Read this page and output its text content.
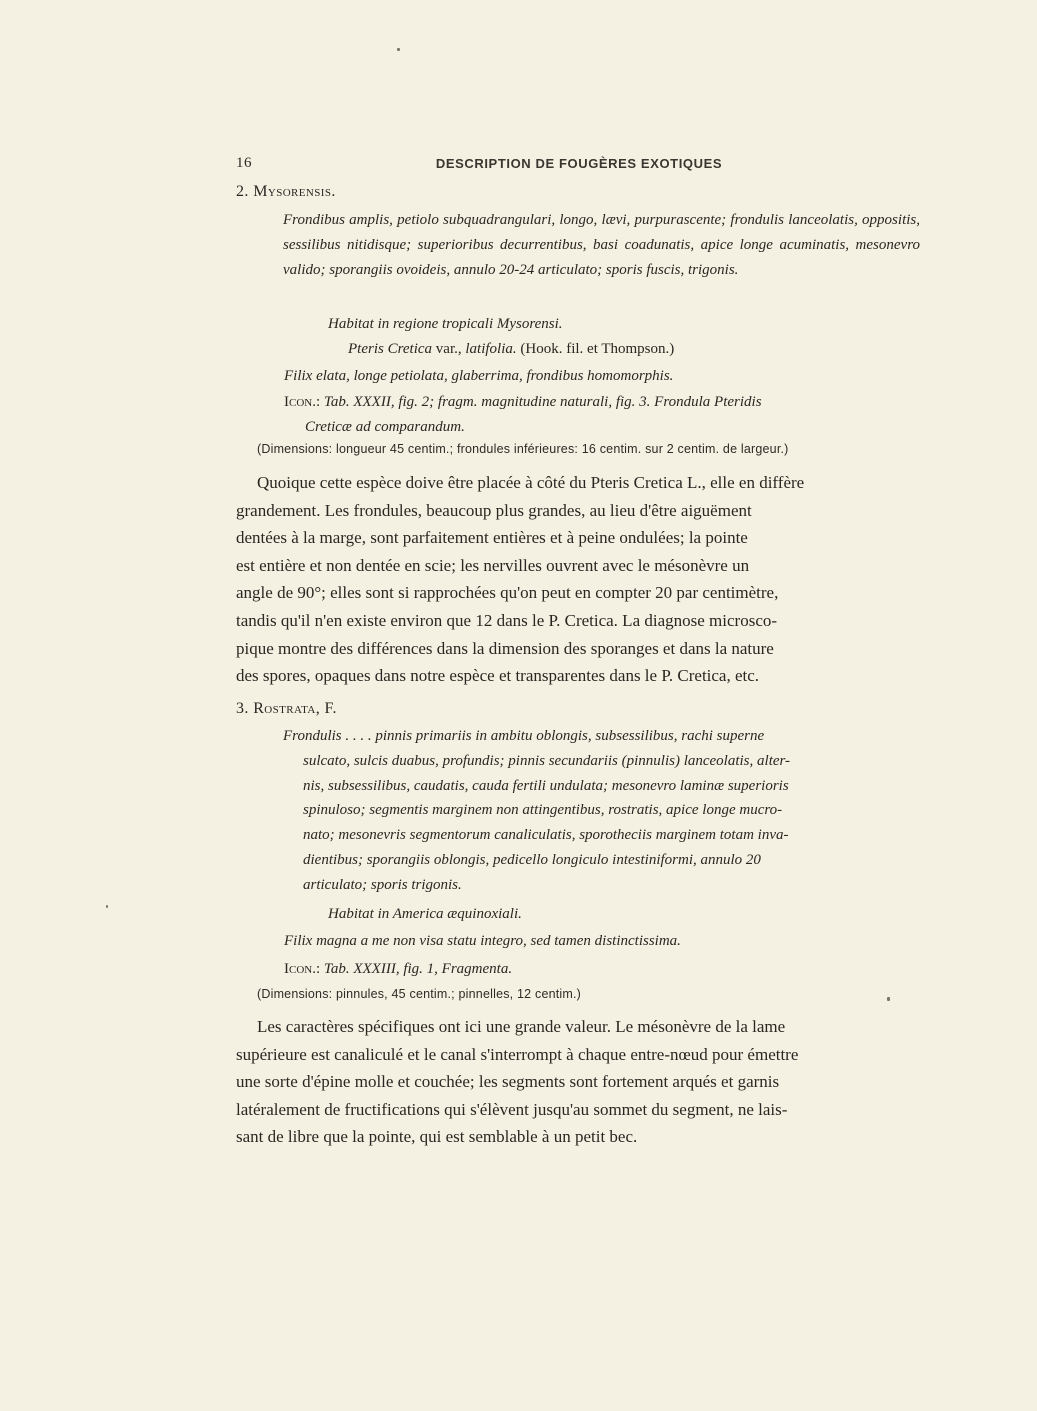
16	DESCRIPTION DE FOUGÈRES EXOTIQUES
2. Mysorensis.
Frondibus amplis, petiolo subquadrangulari, longo, lævi, purpurascente; frondulis lanceolatis, oppositis, sessilibus nitidisque; superioribus decurrentibus, basi coadunatis, apice longe acuminatis, mesonevro valido; sporangiis ovoideis, annulo 20-24 articulato; sporis fuscis, trigonis.
Habitat in regione tropicali Mysorensi.
Pteris Cretica var., latifolia. (Hook. fil. et Thompson.)
Filix elata, longe petiolata, glaberrima, frondibus homomorphis.
Icon.: Tab. XXXII, fig. 2; fragm. magnitudine naturali, fig. 3. Frondula Pteridis
Creticæ ad comparandum.
(Dimensions: longueur 45 centim.; frondules inférieures: 16 centim. sur 2 centim. de largeur.)
Quoique cette espèce doive être placée à côté du Pteris Cretica L., elle en diffère
grandement. Les frondules, beaucoup plus grandes, au lieu d'être aiguëment
dentées à la marge, sont parfaitement entières et à peine ondulées; la pointe
est entière et non dentée en scie; les nervilles ouvrent avec le mésonèvre un
angle de 90°; elles sont si rapprochées qu'on peut en compter 20 par centimètre,
tandis qu'il n'en existe environ que 12 dans le P. Cretica. La diagnose microsco-
pique montre des différences dans la dimension des sporanges et dans la nature
des spores, opaques dans notre espèce et transparentes dans le P. Cretica, etc.
3. Rostrata, F.
Frondulis . . . . pinnis primariis in ambitu oblongis, subsessilibus, rachi superne
sulcato, sulcis duabus, profundis; pinnis secundariis (pinnulis) lanceolatis, alter-
nis, subsessilibus, caudatis, cauda fertili undulata; mesonevro laminæ superioris
spinuloso; segmentis marginem non attingentibus, rostratis, apice longe mucro-
nato; mesonevris segmentorum canaliculatis, sporotheciis marginem totam inva-
dientibus; sporangiis oblongis, pedicello longiculo intestiniformi, annulo 20
articulato; sporis trigonis.
Habitat in America æquinoxiali.
Filix magna a me non visa statu integro, sed tamen distinctissima.
Icon.: Tab. XXXIII, fig. 1, Fragmenta.
(Dimensions: pinnules, 45 centim.; pinnelles, 12 centim.)
Les caractères spécifiques ont ici une grande valeur. Le mésonèvre de la lame
supérieure est canaliculé et le canal s'interrompt à chaque entre-nœud pour émettre
une sorte d'épine molle et couchée; les segments sont fortement arqués et garnis
latéralement de fructifications qui s'élèvent jusqu'au sommet du segment, ne lais-
sant de libre que la pointe, qui est semblable à un petit bec.
